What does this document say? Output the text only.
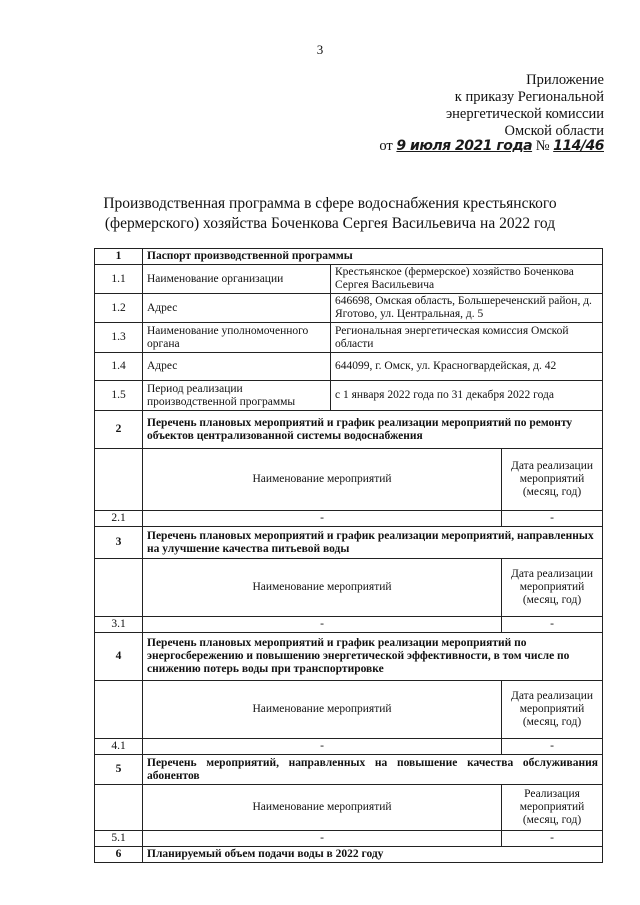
3
Приложение
к приказу Региональной
энергетической комиссии
Омской области
от 9 июля 2021 года № 114/46
Производственная программа в сфере водоснабжения крестьянского
(фермерского) хозяйства Боченкова Сергея Васильевича на 2022 год
1	Паспорт производственной программы		
1.1	Наименование организации	Крестьянское (фермерское) хозяйство Боченкова Сергея Васильевича	
1.2	Адрес	646698, Омская область, Большереченский район, д. Яготово, ул. Центральная, д. 5	
1.3	Наименование уполномоченного органа	Региональная энергетическая комиссия Омской области	
1.4	Адрес	644099, г. Омск, ул. Красногвардейская, д. 42	
1.5	Период реализации производственной программы	с 1 января 2022 года по 31 декабря 2022 года	
2	Перечень плановых мероприятий и график реализации мероприятий по ремонту объектов централизованной системы водоснабжения		
	Наименование мероприятий		Дата реализации мероприятий (месяц, год)
2.1	-		-
3	Перечень плановых мероприятий и график реализации мероприятий, направленных на улучшение качества питьевой воды		
	Наименование мероприятий		Дата реализации мероприятий (месяц, год)
3.1	-		-
4	Перечень плановых мероприятий и график реализации мероприятий по энергосбережению и повышению энергетической эффективности, в том числе по снижению потерь воды при транспортировке		
	Наименование мероприятий		Дата реализации мероприятий (месяц, год)
4.1	-		-
5	Перечень мероприятий, направленных на повышение качества обслуживания абонентов		
	Наименование мероприятий		Реализация мероприятий (месяц, год)
5.1	-		-
6	Планируемый объем подачи воды в 2022 году		
